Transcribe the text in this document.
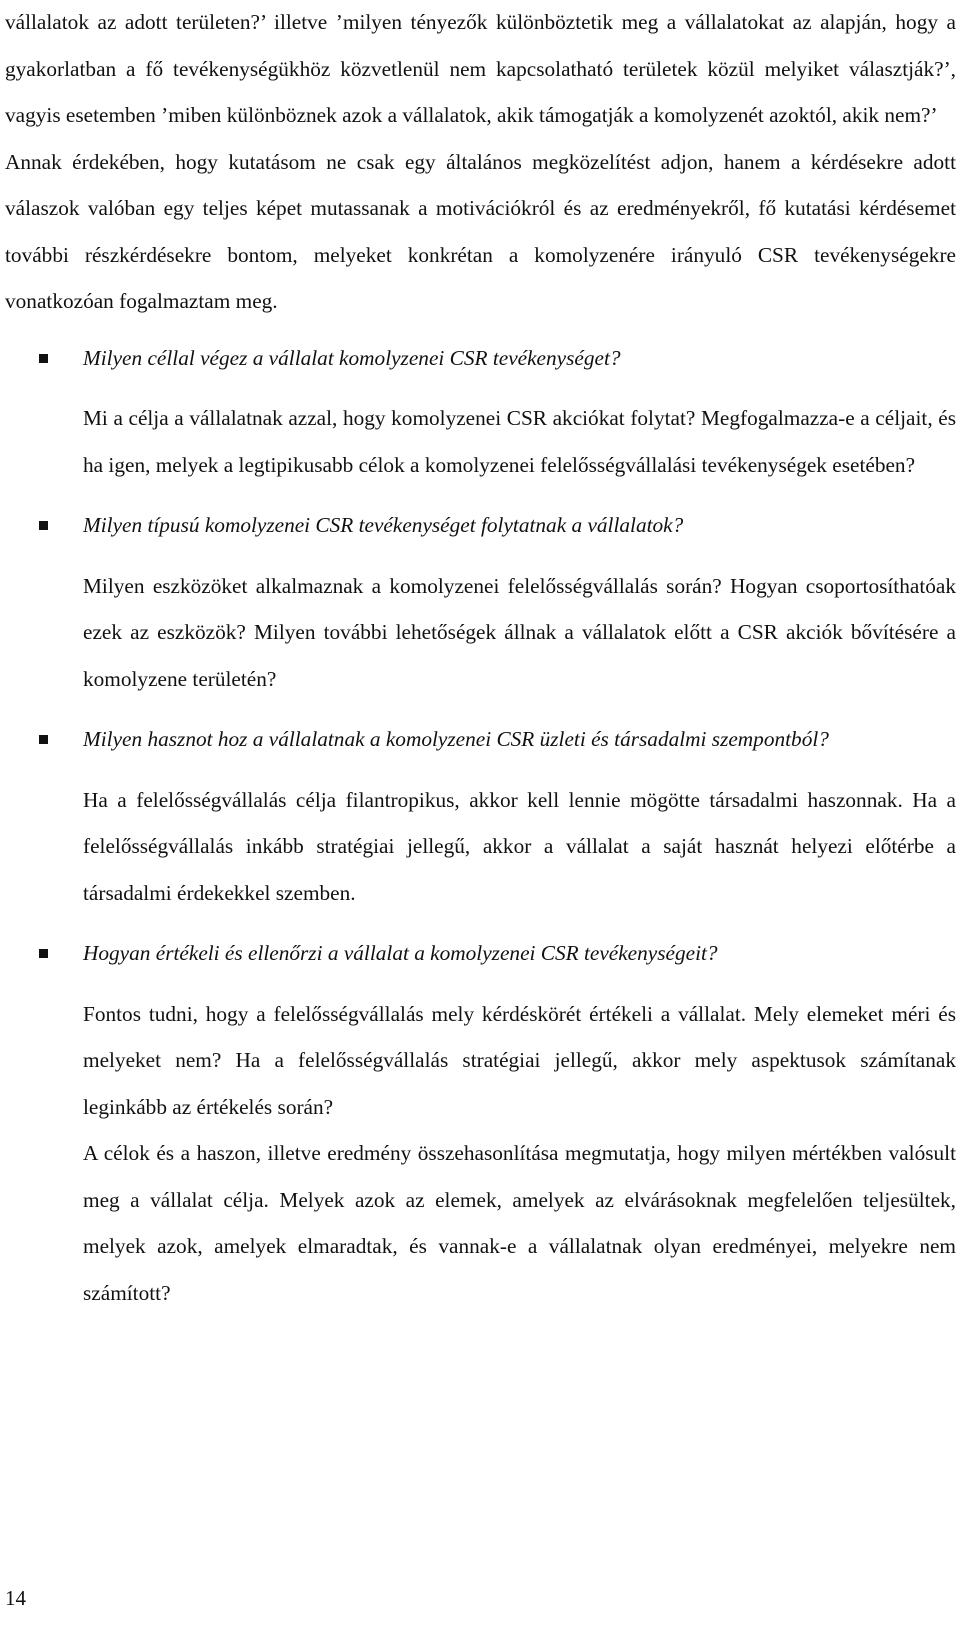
vállalatok az adott területen?’ illetve ’milyen tényezők különböztetik meg a vállalatokat az alapján, hogy a gyakorlatban a fő tevékenységükhöz közvetlenül nem kapcsolatható területek közül melyiket választják?’, vagyis esetemben ’miben különböznek azok a vállalatok, akik támogatják a komolyzenét azoktól, akik nem?’

Annak érdekében, hogy kutatásom ne csak egy általános megközelítést adjon, hanem a kérdésekre adott válaszok valóban egy teljes képet mutassanak a motivációkról és az eredményekről, fő kutatási kérdésemet további részkérdésekre bontom, melyeket konkrétan a komolyzenére irányuló CSR tevékenységekre vonatkozóan fogalmaztam meg.

Milyen céllal végez a vállalat komolyzenei CSR tevékenységet?

Mi a célja a vállalatnak azzal, hogy komolyzenei CSR akciókat folytat? Megfogalmazza-e a céljait, és ha igen, melyek a legtipikusabb célok a komolyzenei felelősségvállalási tevékenységek esetében?

Milyen típusú komolyzenei CSR tevékenységet folytatnak a vállalatok?

Milyen eszközöket alkalmaznak a komolyzenei felelősségvállalás során? Hogyan csoportosíthatóak ezek az eszközök? Milyen további lehetőségek állnak a vállalatok előtt a CSR akciók bővítésére a komolyzene területén?

Milyen hasznot hoz a vállalatnak a komolyzenei CSR üzleti és társadalmi szempontból?

Ha a felelősségvállalás célja filantropikus, akkor kell lennie mögötte társadalmi haszonnak. Ha a felelősségvállalás inkább stratégiai jellegű, akkor a vállalat a saját hasznát helyezi előtérbe a társadalmi érdekekkel szemben.

Hogyan értékeli és ellenőrzi a vállalat a komolyzenei CSR tevékenységeit?

Fontos tudni, hogy a felelősségvállalás mely kérdéskörét értékeli a vállalat. Mely elemeket méri és melyeket nem? Ha a felelősségvállalás stratégiai jellegű, akkor mely aspektusok számítanak leginkább az értékelés során?

A célok és a haszon, illetve eredmény összehasonlítása megmutatja, hogy milyen mértékben valósult meg a vállalat célja. Melyek azok az elemek, amelyek az elvárásoknak megfelelően teljesültek, melyek azok, amelyek elmaradtak, és vannak-e a vállalatnak olyan eredményei, melyekre nem számított?

14
